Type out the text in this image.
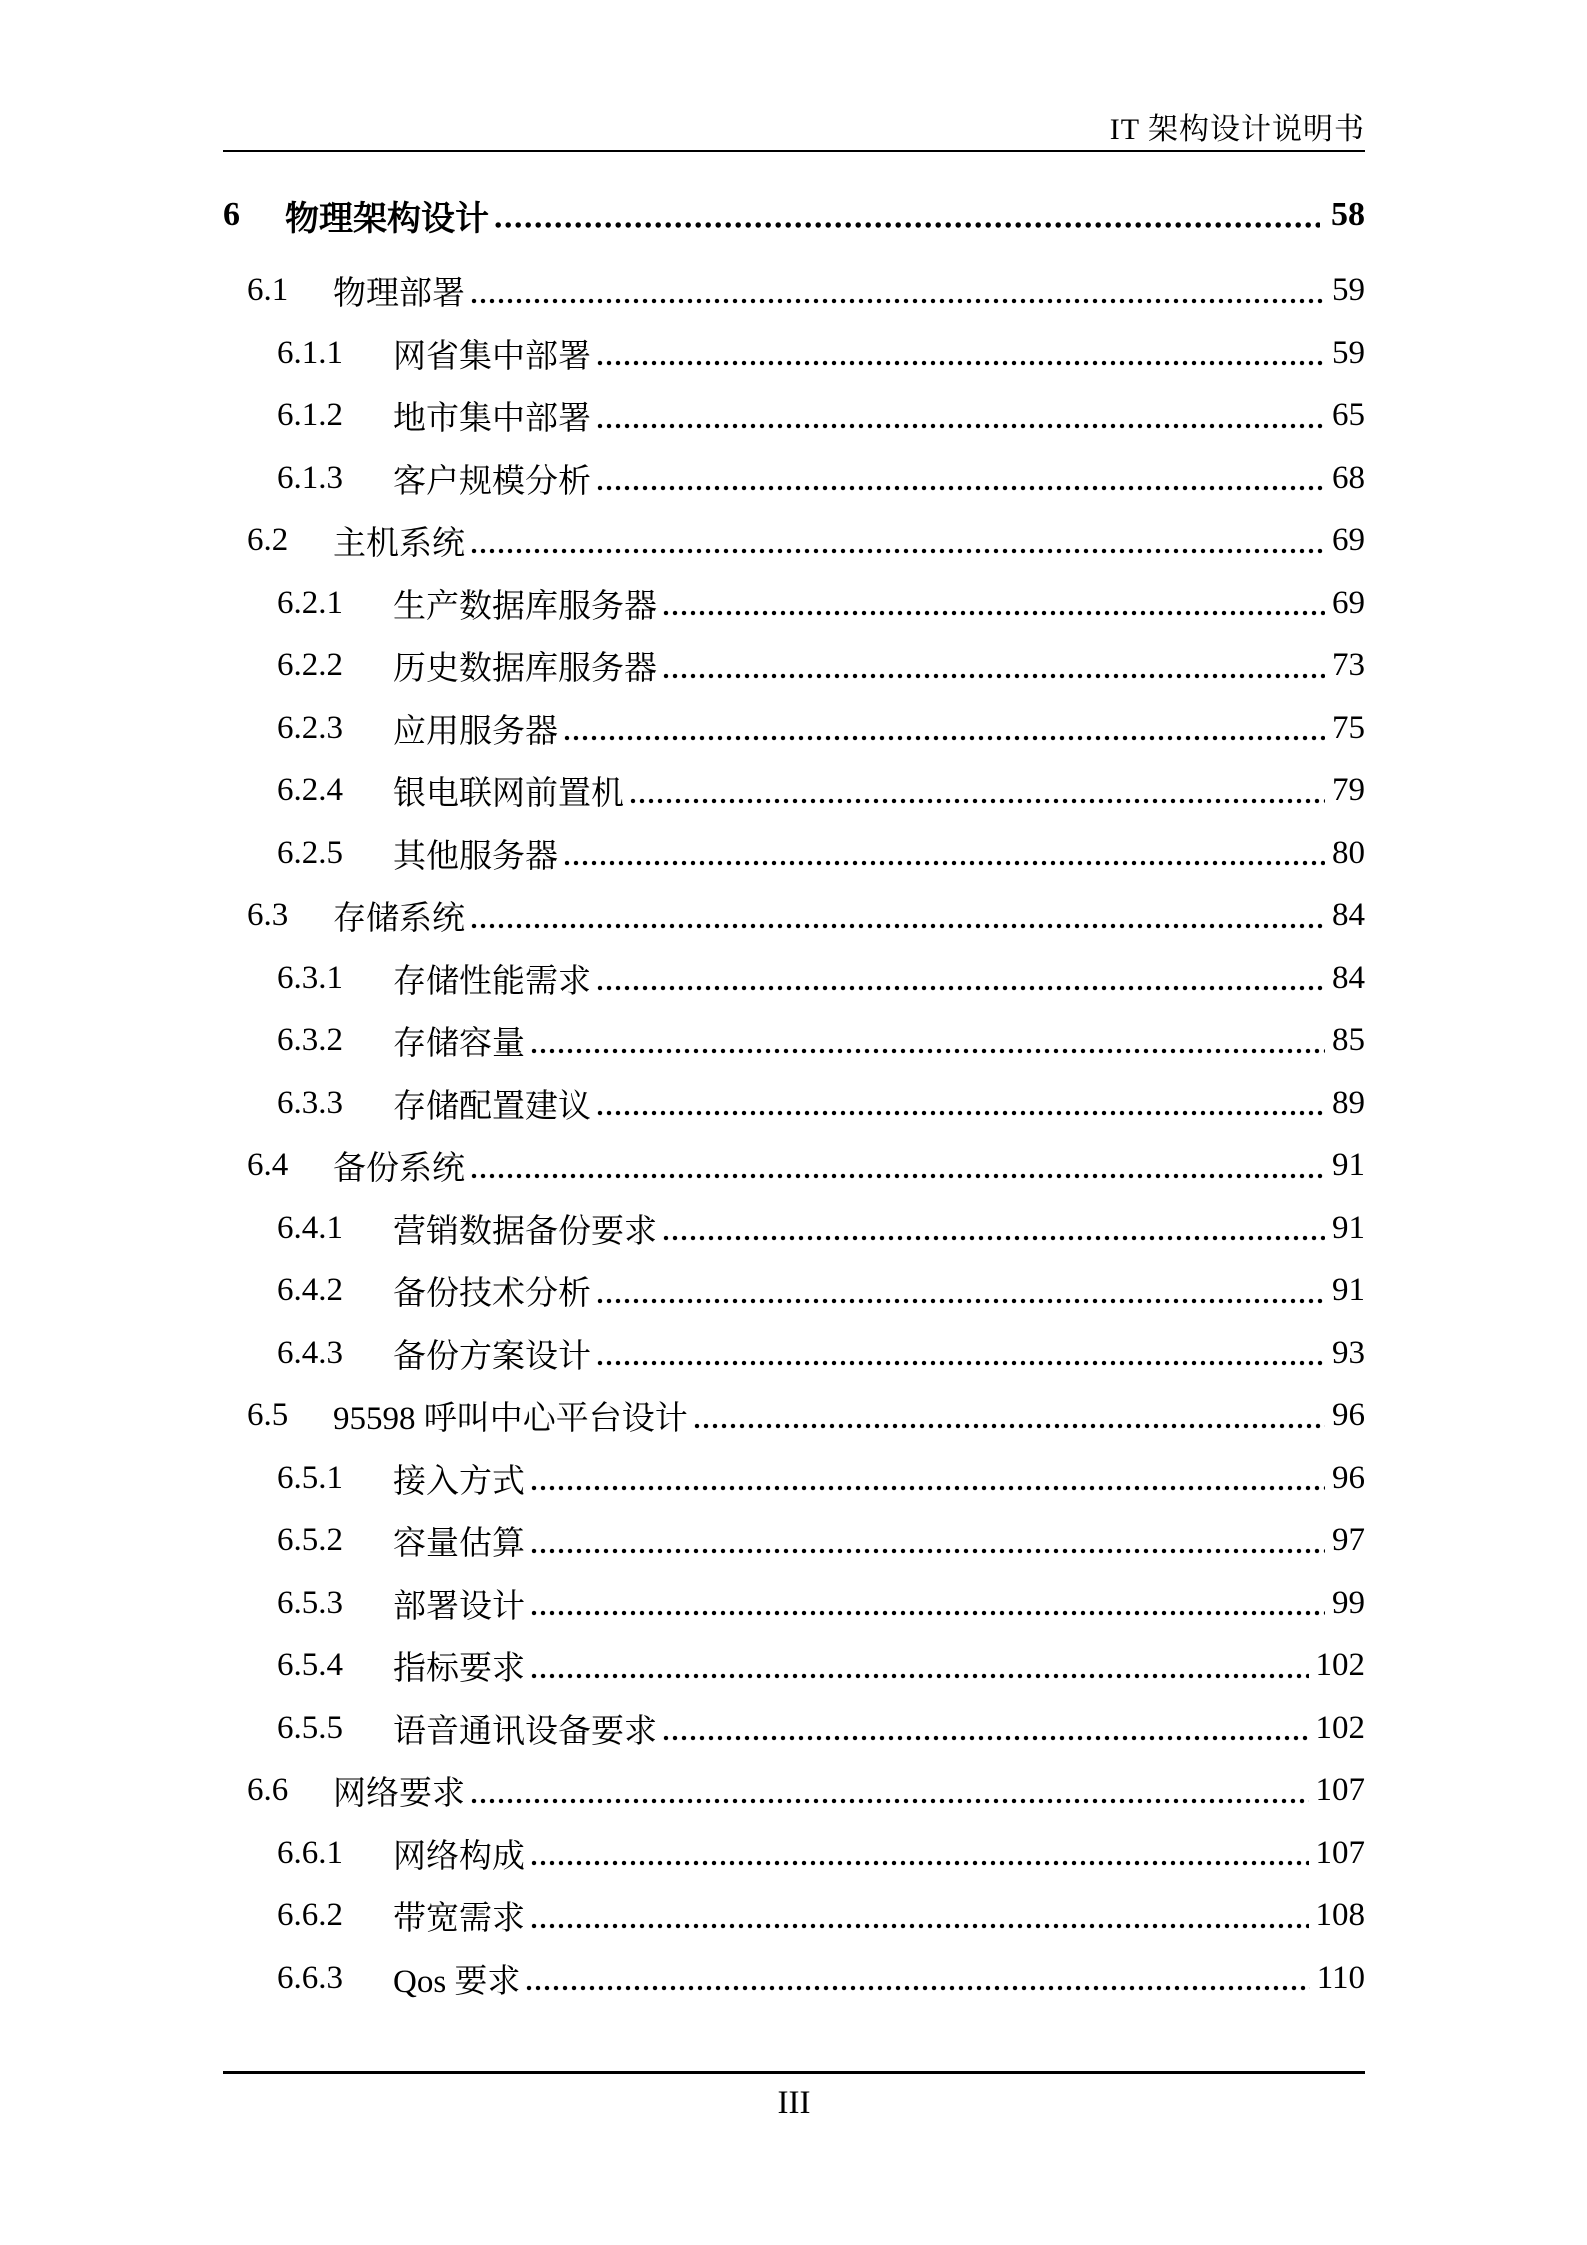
IT 架构设计说明书
6	物理架构设计	58
6.1	物理部署	59
6.1.1	网省集中部署	59
6.1.2	地市集中部署	65
6.1.3	客户规模分析	68
6.2	主机系统	69
6.2.1	生产数据库服务器	69
6.2.2	历史数据库服务器	73
6.2.3	应用服务器	75
6.2.4	银电联网前置机	79
6.2.5	其他服务器	80
6.3	存储系统	84
6.3.1	存储性能需求	84
6.3.2	存储容量	85
6.3.3	存储配置建议	89
6.4	备份系统	91
6.4.1	营销数据备份要求	91
6.4.2	备份技术分析	91
6.4.3	备份方案设计	93
6.5	95598 呼叫中心平台设计	96
6.5.1	接入方式	96
6.5.2	容量估算	97
6.5.3	部署设计	99
6.5.4	指标要求	102
6.5.5	语音通讯设备要求	102
6.6	网络要求	107
6.6.1	网络构成	107
6.6.2	带宽需求	108
6.6.3	Qos 要求	110
III
